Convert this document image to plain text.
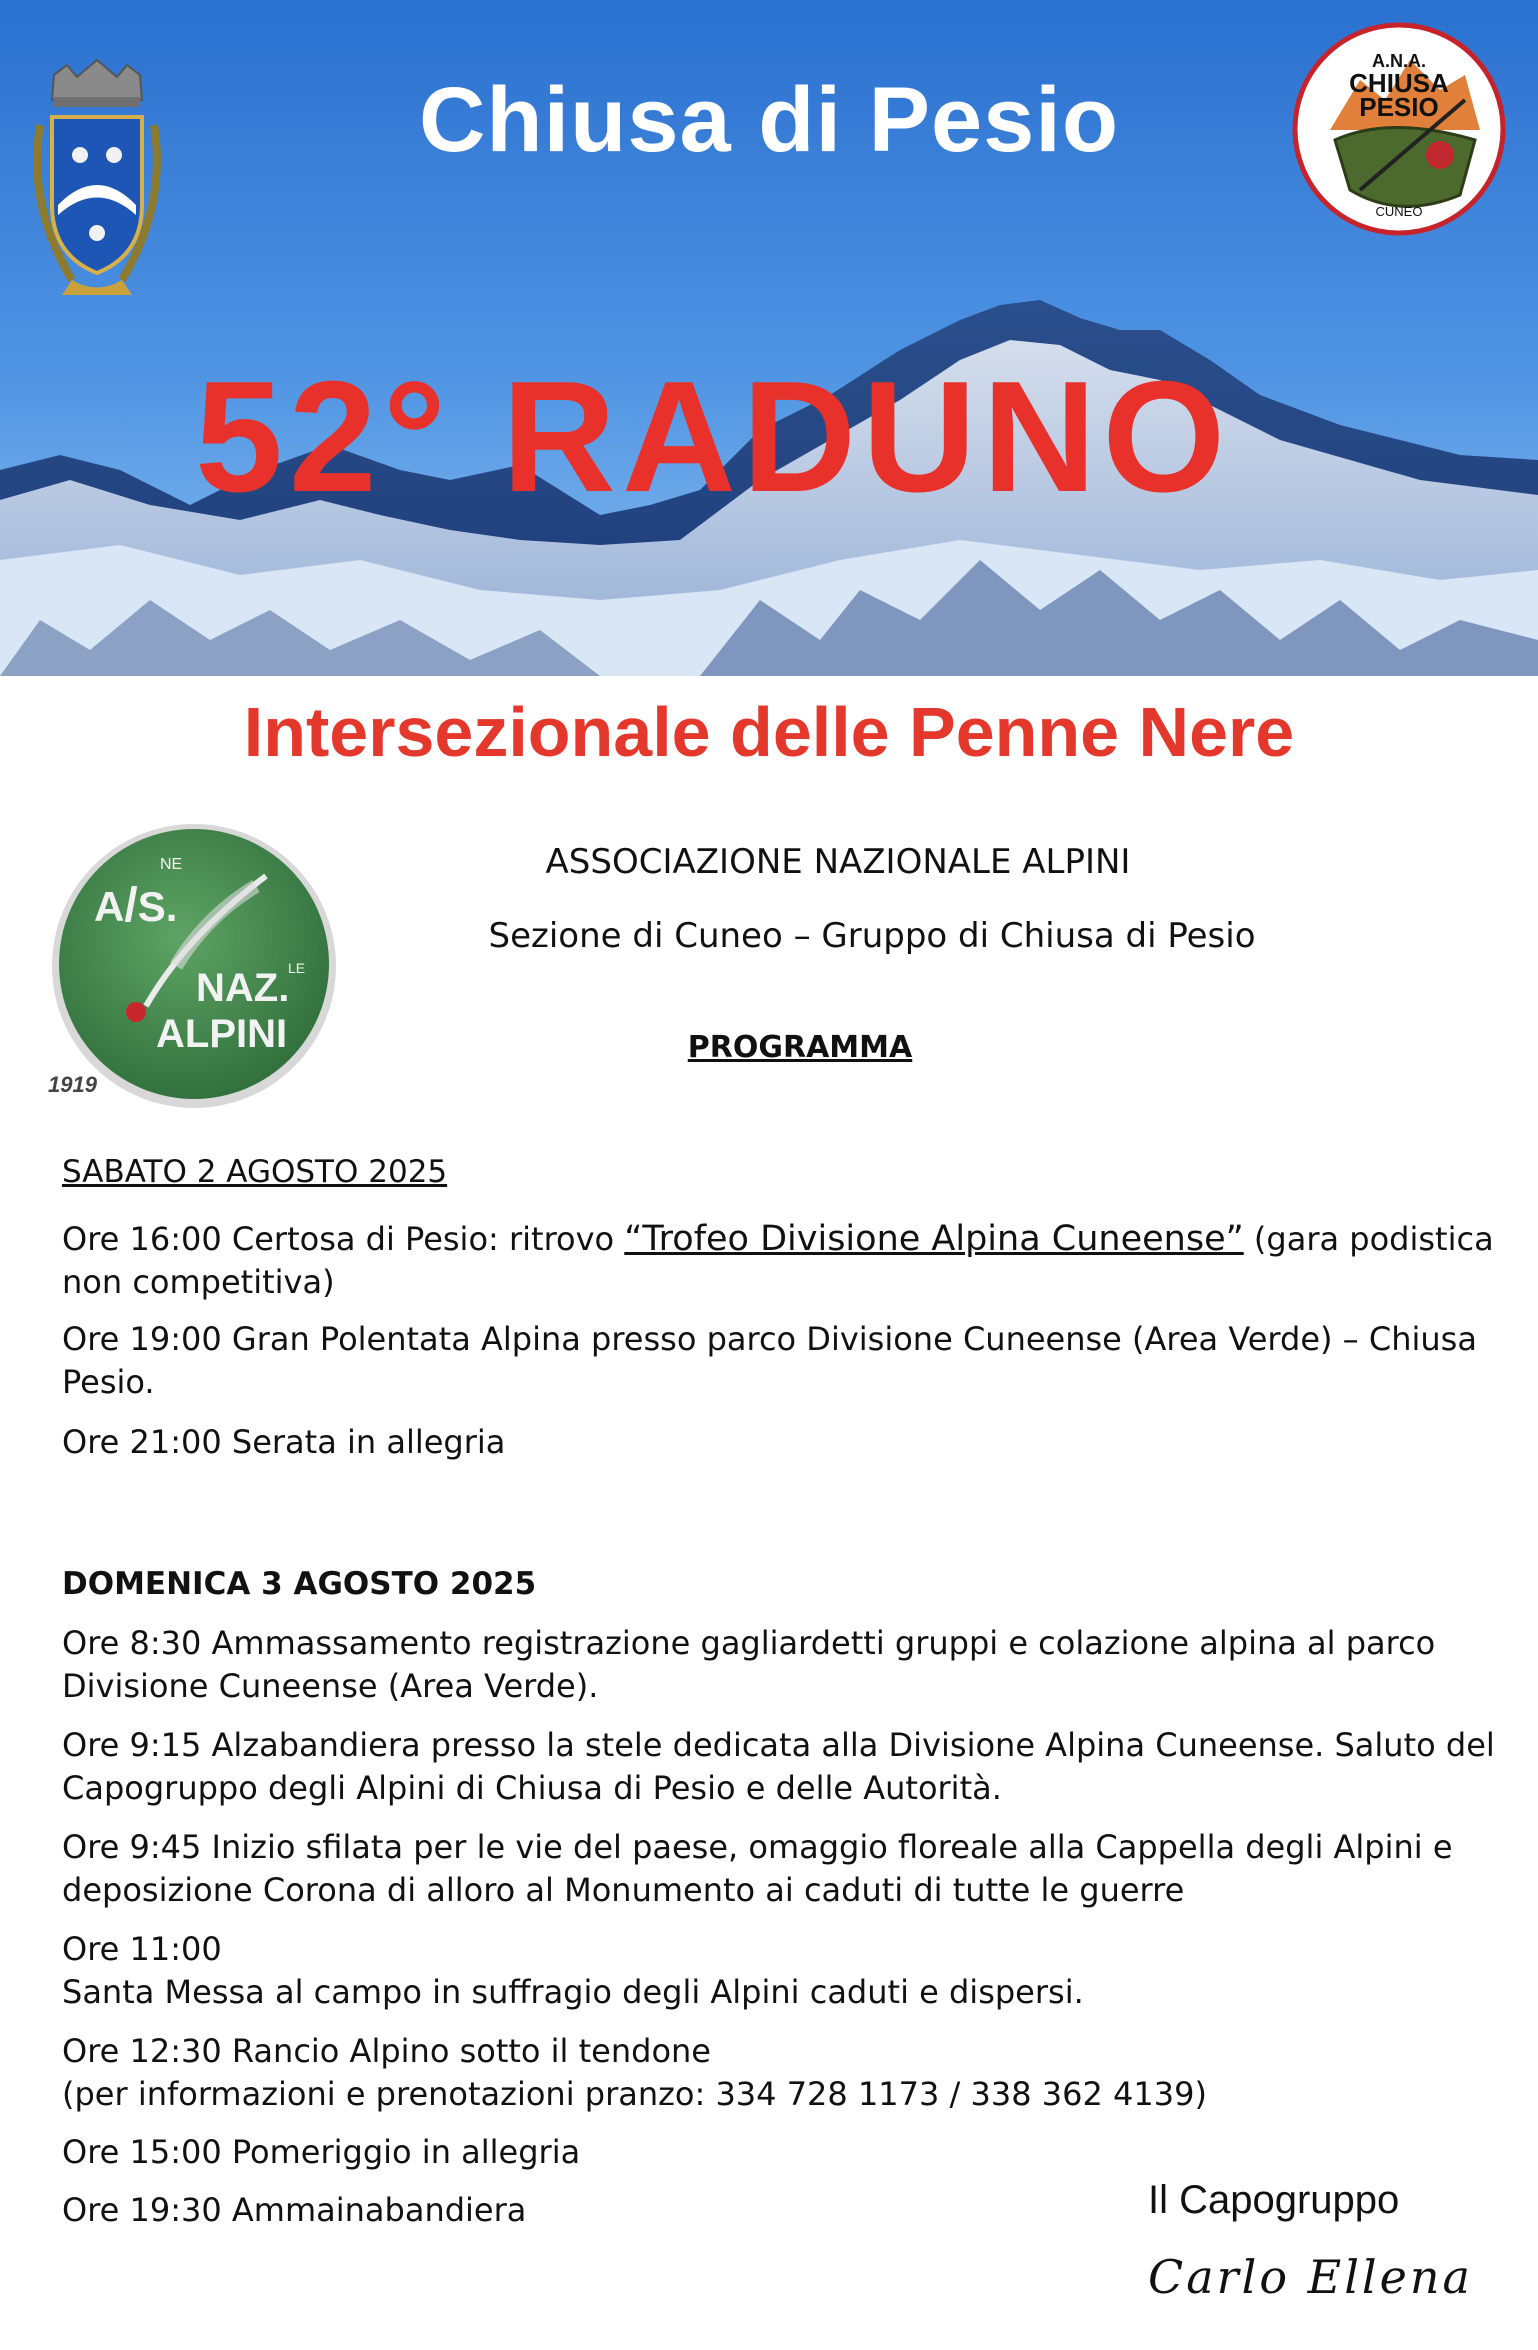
A.N.A.
CHIUSA
PESIO
CUNEO
Chiusa di Pesio
52° RADUNO
Intersezionale delle Penne Nere
A/S.
NE
LE
NAZ.
ALPINI
1919
ASSOCIAZIONE NAZIONALE ALPINI
Sezione di Cuneo – Gruppo di Chiusa di Pesio
PROGRAMMA
SABATO 2 AGOSTO 2025

Ore 16:00 Certosa di Pesio: ritrovo “Trofeo Divisione Alpina Cuneense” (gara podistica non competitiva)

Ore 19:00 Gran Polentata Alpina presso parco Divisione Cuneense (Area Verde) – Chiusa Pesio.

Ore 21:00 Serata in allegria

DOMENICA 3 AGOSTO 2025

Ore 8:30 Ammassamento registrazione gagliardetti gruppi e colazione alpina al parco Divisione Cuneense (Area Verde).

Ore 9:15 Alzabandiera presso la stele dedicata alla Divisione Alpina Cuneense. Saluto del Capogruppo degli Alpini di Chiusa di Pesio e delle Autorità.

Ore 9:45 Inizio sfilata per le vie del paese, omaggio floreale alla Cappella degli Alpini e deposizione Corona di alloro al Monumento ai caduti di tutte le guerre

Ore 11:00

Santa Messa al campo in suffragio degli Alpini caduti e dispersi.

Ore 12:30 Rancio Alpino sotto il tendone

(per informazioni e prenotazioni pranzo: 334 728 1173 / 338 362 4139)

Ore 15:00 Pomeriggio in allegria

Ore 19:30 Ammainabandiera	Il Capogruppo
Carlo Ellena
